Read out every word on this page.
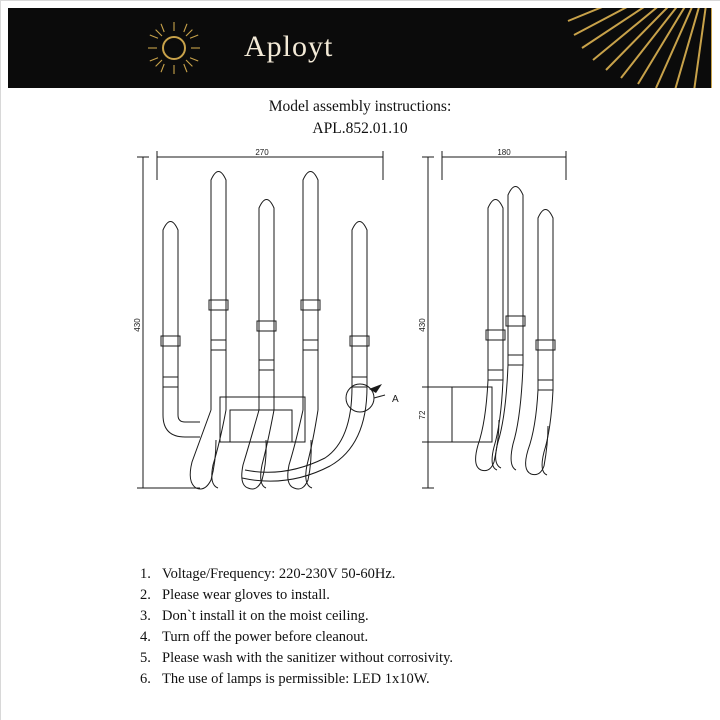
Aployt
Model assembly instructions:
APL.852.01.10
270	180
430	430
72
A
1. Voltage/Frequency: 220-230V 50-60Hz.
2. Please wear gloves to install.
3. Don`t install it on the moist ceiling.
4. Turn off the power before cleanout.
5. Please wash with the sanitizer without corrosivity.
6. The use of lamps is permissible: LED 1x10W.
